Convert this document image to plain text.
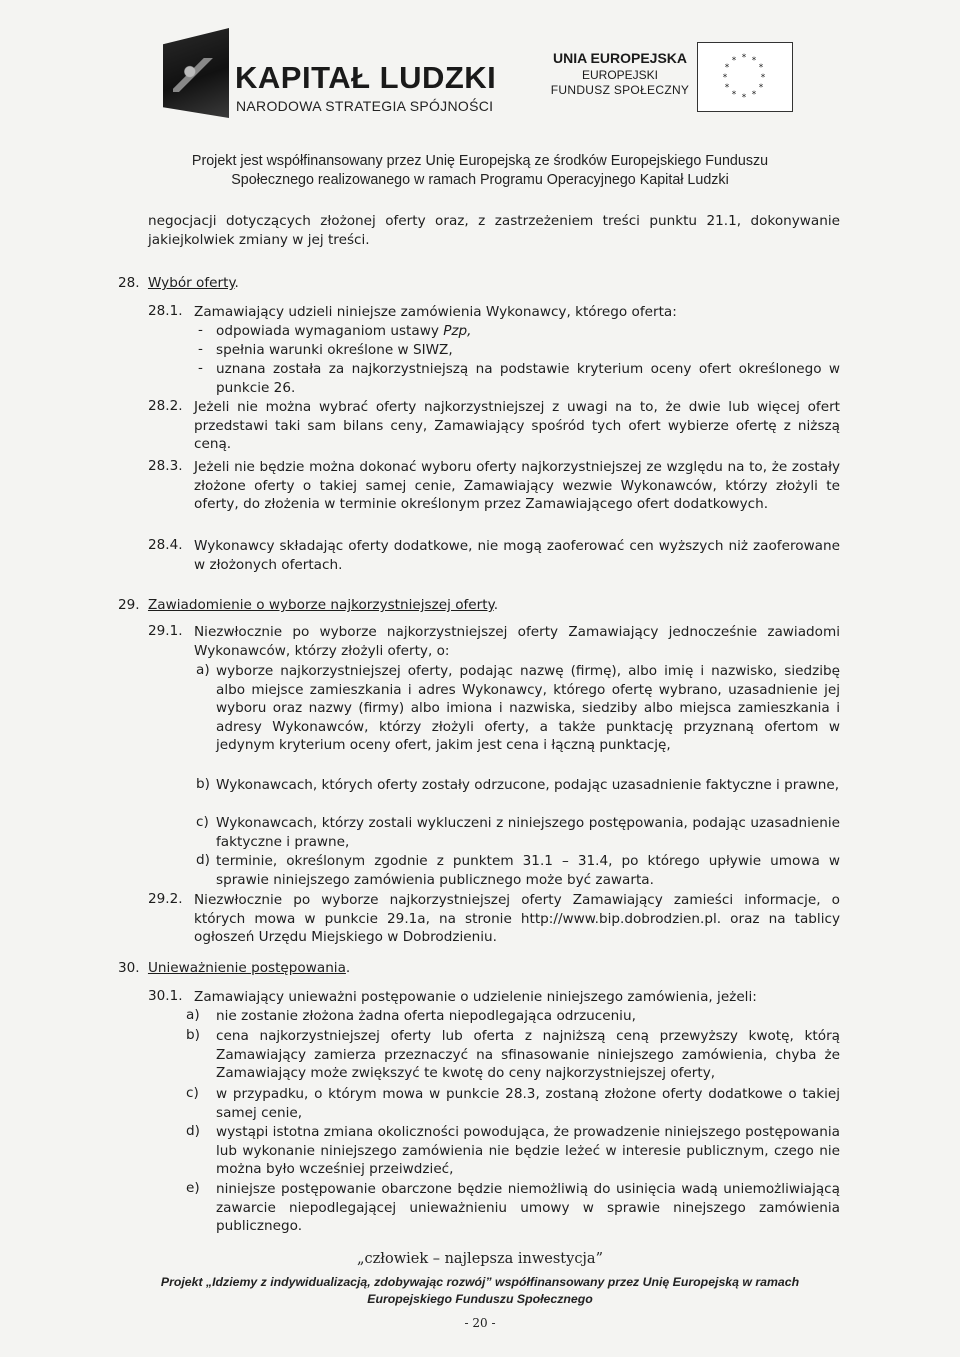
KAPITAŁ LUDZKI
NARODOWA STRATEGIA SPÓJNOŚCI
UNIA EUROPEJSKA
EUROPEJSKI
FUNDUSZ SPOŁECZNY
* *
*
*
*
*
*
*
*
*
*
*
Projekt jest współfinansowany przez Unię Europejską ze środków Europejskiego Funduszu
Społecznego realizowanego w ramach Programu Operacyjnego Kapitał Ludzki
negocjacji dotyczących złożonej oferty oraz, z zastrzeżeniem treści punktu 21.1, dokonywanie jakiejkolwiek zmiany w jej treści.
28. Wybór oferty.
28.1. Zamawiający udzieli niniejsze zamówienia Wykonawcy, którego oferta:
- odpowiada wymaganiom ustawy Pzp,
- spełnia warunki określone w SIWZ,
- uznana została za najkorzystniejszą na podstawie kryterium oceny ofert określonego w punkcie 26.
28.2. Jeżeli nie można wybrać oferty najkorzystniejszej z uwagi na to, że dwie lub więcej ofert przedstawi taki sam bilans ceny, Zamawiający spośród tych ofert wybierze ofertę z niższą ceną.
28.3. Jeżeli nie będzie można dokonać wyboru oferty najkorzystniejszej ze względu na to, że zostały złożone oferty o takiej samej cenie, Zamawiający wezwie Wykonawców, którzy złożyli te oferty, do złożenia w terminie określonym przez Zamawiającego ofert dodatkowych.
28.4. Wykonawcy składając oferty dodatkowe, nie mogą zaoferować cen wyższych niż zaoferowane w złożonych ofertach.
29. Zawiadomienie o wyborze najkorzystniejszej oferty.
29.1. Niezwłocznie po wyborze najkorzystniejszej oferty Zamawiający jednocześnie zawiadomi Wykonawców, którzy złożyli oferty, o:
a) wyborze najkorzystniejszej oferty, podając nazwę (firmę), albo imię i nazwisko, siedzibę albo miejsce zamieszkania i adres Wykonawcy, którego ofertę wybrano, uzasadnienie jej wyboru oraz nazwy (firmy) albo imiona i nazwiska, siedziby albo miejsca zamieszkania i adresy Wykonawców, którzy złożyli oferty, a także punktację przyznaną ofertom w jedynym kryterium oceny ofert, jakim jest cena i łączną punktację,
b) Wykonawcach, których oferty zostały odrzucone, podając uzasadnienie faktyczne i prawne,
c) Wykonawcach, którzy zostali wykluczeni z niniejszego postępowania, podając uzasadnienie faktyczne i prawne,
d) terminie, określonym zgodnie z punktem 31.1 – 31.4, po którego upływie umowa w sprawie niniejszego zamówienia publicznego może być zawarta.
29.2. Niezwłocznie po wyborze najkorzystniejszej oferty Zamawiający zamieści informacje, o których mowa w punkcie 29.1a, na stronie http://www.bip.dobrodzien.pl. oraz na tablicy ogłoszeń Urzędu Miejskiego w Dobrodzieniu.
30. Unieważnienie postępowania.
30.1. Zamawiający unieważni postępowanie o udzielenie niniejszego zamówienia, jeżeli:
a) nie zostanie złożona żadna oferta niepodlegająca odrzuceniu,
b) cena najkorzystniejszej oferty lub oferta z najniższą ceną przewyższy kwotę, którą Zamawiający zamierza przeznaczyć na sfinasowanie niniejszego zamówienia, chyba że Zamawiający może zwiększyć te kwotę do ceny najkorzystniejszej oferty,
c) w przypadku, o którym mowa w punkcie 28.3, zostaną złożone oferty dodatkowe o takiej samej cenie,
d) wystąpi istotna zmiana okoliczności powodująca, że prowadzenie niniejszego postępowania lub wykonanie niniejszego zamówienia nie będzie leżeć w interesie publicznym, czego nie można było wcześniej przeiwdzieć,
e) niniejsze postępowanie obarczone będzie niemożliwią do usinięcia wadą uniemożliwiającą zawarcie niepodlegającej unieważnieniu umowy w sprawie ninejszego zamówienia publicznego.
„człowiek – najlepsza inwestycja”
Projekt „Idziemy z indywidualizacją, zdobywając rozwój” współfinansowany przez Unię Europejską w ramach
Europejskiego Funduszu Społecznego
- 20 -
